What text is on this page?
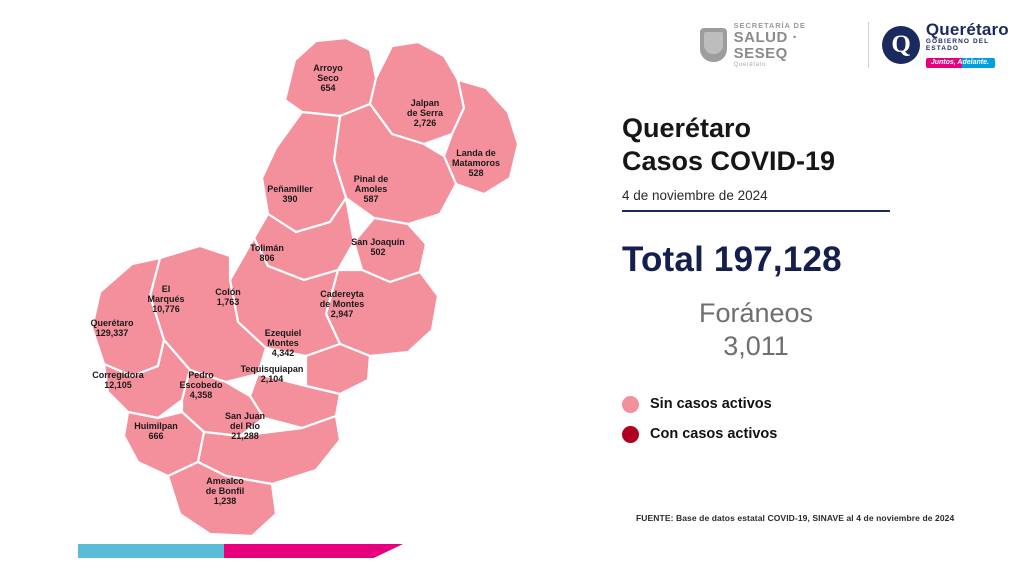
SECRETARÍA DE
SALUD · SESEQ
Querétaro
Q
Querétaro
GOBIERNO DEL ESTADO
Juntos, Adelante.
Arroyo
Seco
654
Jalpan
de Serra
2,726
Landa de
Matamoros
528
Peñamiller
390
Pinal de
Amoles
587
San Joaquín
502
Tolimán
806
Cadereyta
de Montes
2,947
Colón
1,763
El
Marqués
10,776
Querétaro
129,337	Ezequiel
Montes
4,342
Corregidora
12,105
Pedro
Escobedo
4,358
Tequisquiapan
2,104
Huimilpan
666
San Juan
del Río
21,288
Amealco
de Bonfil
1,238
Querétaro
Casos COVID-19
4 de noviembre de 2024
Total 197,128
Foráneos
3,011
Sin casos activos
Con casos activos
FUENTE: Base de datos estatal COVID-19, SINAVE al 4 de noviembre de 2024
